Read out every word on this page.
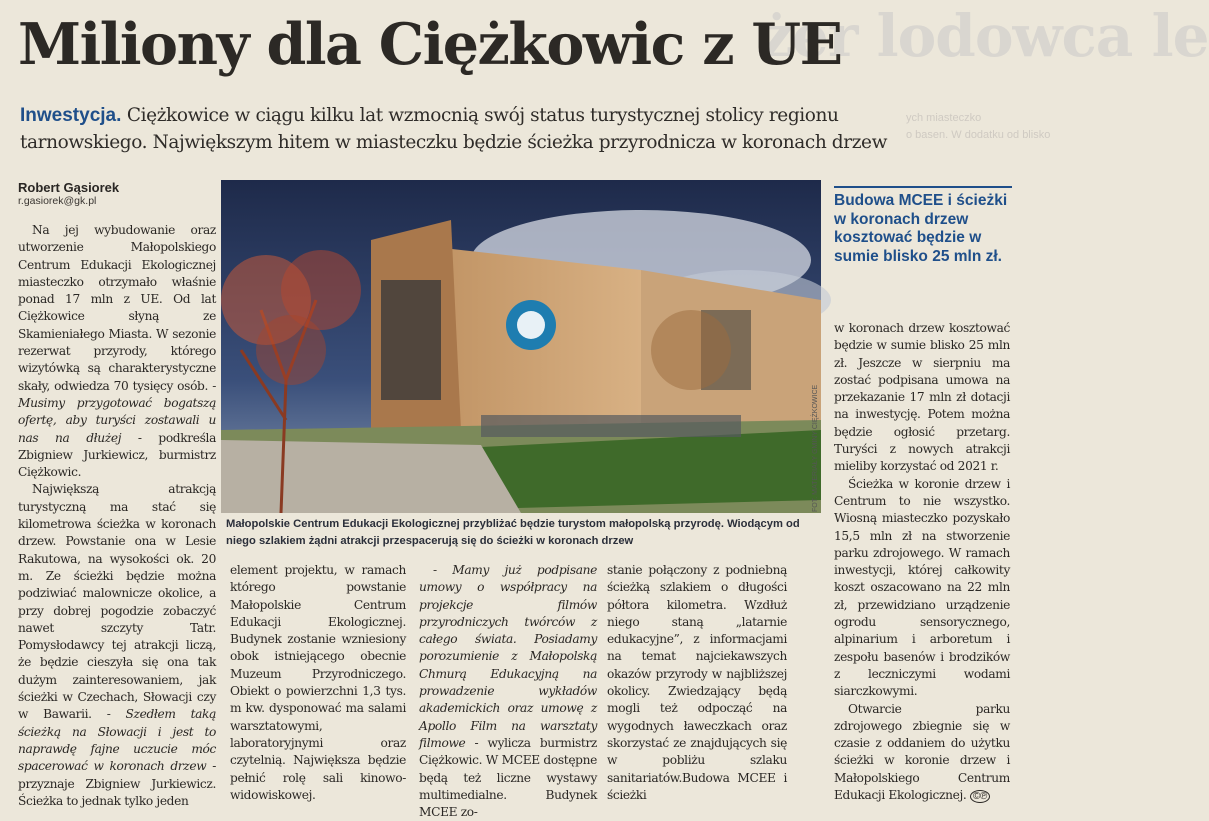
żer lodowca le
ych miasteczko
o basen. W dodatku od blisko
Miliony dla Ciężkowic z UE
Inwestycja. Ciężkowice w ciągu kilku lat wzmocnią swój status turystycznej stolicy regionu tarnowskiego. Największym hitem w miasteczku będzie ścieżka przyrodnicza w koronach drzew
Robert Gąsiorek
r.gasiorek@gk.pl

Na jej wybudowanie oraz utworzenie Małopolskiego Centrum Edukacji Ekologicznej miasteczko otrzymało właśnie ponad 17 mln z UE. Od lat Ciężkowice słyną ze Skamieniałego Miasta. W sezonie rezerwat przyrody, którego wizytówką są charakterystyczne skały, odwiedza 70 tysięcy osób. - Musimy przygotować bogatszą ofertę, aby turyści zostawali u nas na dłużej - podkreśla Zbigniew Jurkiewicz, burmistrz Ciężkowic.

Największą atrakcją turystyczną ma stać się kilometrowa ścieżka w koronach drzew. Powstanie ona w Lesie Rakutowa, na wysokości ok. 20 m. Ze ścieżki będzie można podziwiać malownicze okolice, a przy dobrej pogodzie zobaczyć nawet szczyty Tatr. Pomysłodawcy tej atrakcji liczą, że będzie cieszyła się ona tak dużym zainteresowaniem, jak ścieżki w Czechach, Słowacji czy w Bawarii. - Szedłem taką ścieżką na Słowacji i jest to naprawdę fajne uczucie móc spacerować w koronach drzew - przyznaje Zbigniew Jurkiewicz. Ścieżka to jednak tylko jeden

FOT. MATERIAŁY GMINY CIĘŻKOWICE
Małopolskie Centrum Edukacji Ekologicznej przybliżać będzie turystom małopolską przyrodę. Wiodącym od niego szlakiem żądni atrakcji przespacerują się do ścieżki w koronach drzew
Budowa MCEE i ścieżki w koronach drzew kosztować będzie w sumie blisko 25 mln zł.

element projektu, w ramach którego powstanie Małopolskie Centrum Edukacji Ekologicznej. Budynek zostanie wzniesiony obok istniejącego obecnie Muzeum Przyrodniczego. Obiekt o powierzchni 1,3 tys. m kw. dysponować ma salami warsztatowymi, laboratoryjnymi oraz czytelnią. Największa będzie pełnić rolę sali kinowo-widowiskowej.

- Mamy już podpisane umowy o współpracy na projekcje filmów przyrodniczych twórców z całego świata. Posiadamy porozumienie z Małopolską Chmurą Edukacyjną na prowadzenie wykładów akademickich oraz umowę z Apollo Film na warsztaty filmowe - wylicza burmistrz Ciężkowic. W MCEE dostępne będą też liczne wystawy multimedialne. Budynek MCEE zo-

stanie połączony z podniebną ścieżką szlakiem o długości półtora kilometra. Wzdłuż niego staną „latarnie edukacyjne”, z informacjami na temat najciekawszych okazów przyrody w najbliższej okolicy. Zwiedzający będą mogli też odpocząć na wygodnych ławeczkach oraz skorzystać ze znajdujących się w pobliżu szlaku sanitariatów.Budowa MCEE i ścieżki

w koronach drzew kosztować będzie w sumie blisko 25 mln zł. Jeszcze w sierpniu ma zostać podpisana umowa na przekazanie 17 mln zł dotacji na inwestycję. Potem można będzie ogłosić przetarg. Turyści z nowych atrakcji mieliby korzystać od 2021 r.

Ścieżka w koronie drzew i Centrum to nie wszystko. Wiosną miasteczko pozyskało 15,5 mln zł na stworzenie parku zdrojowego. W ramach inwestycji, której całkowity koszt oszacowano na 22 mln zł, przewidziano urządzenie ogrodu sensorycznego, alpinarium i arboretum i zespołu basenów i brodzików z leczniczymi wodami siarczkowymi.

Otwarcie parku zdrojowego zbiegnie się w czasie z oddaniem do użytku ścieżki w koronie drzew i Małopolskiego Centrum Edukacji Ekologicznej. ©℗
